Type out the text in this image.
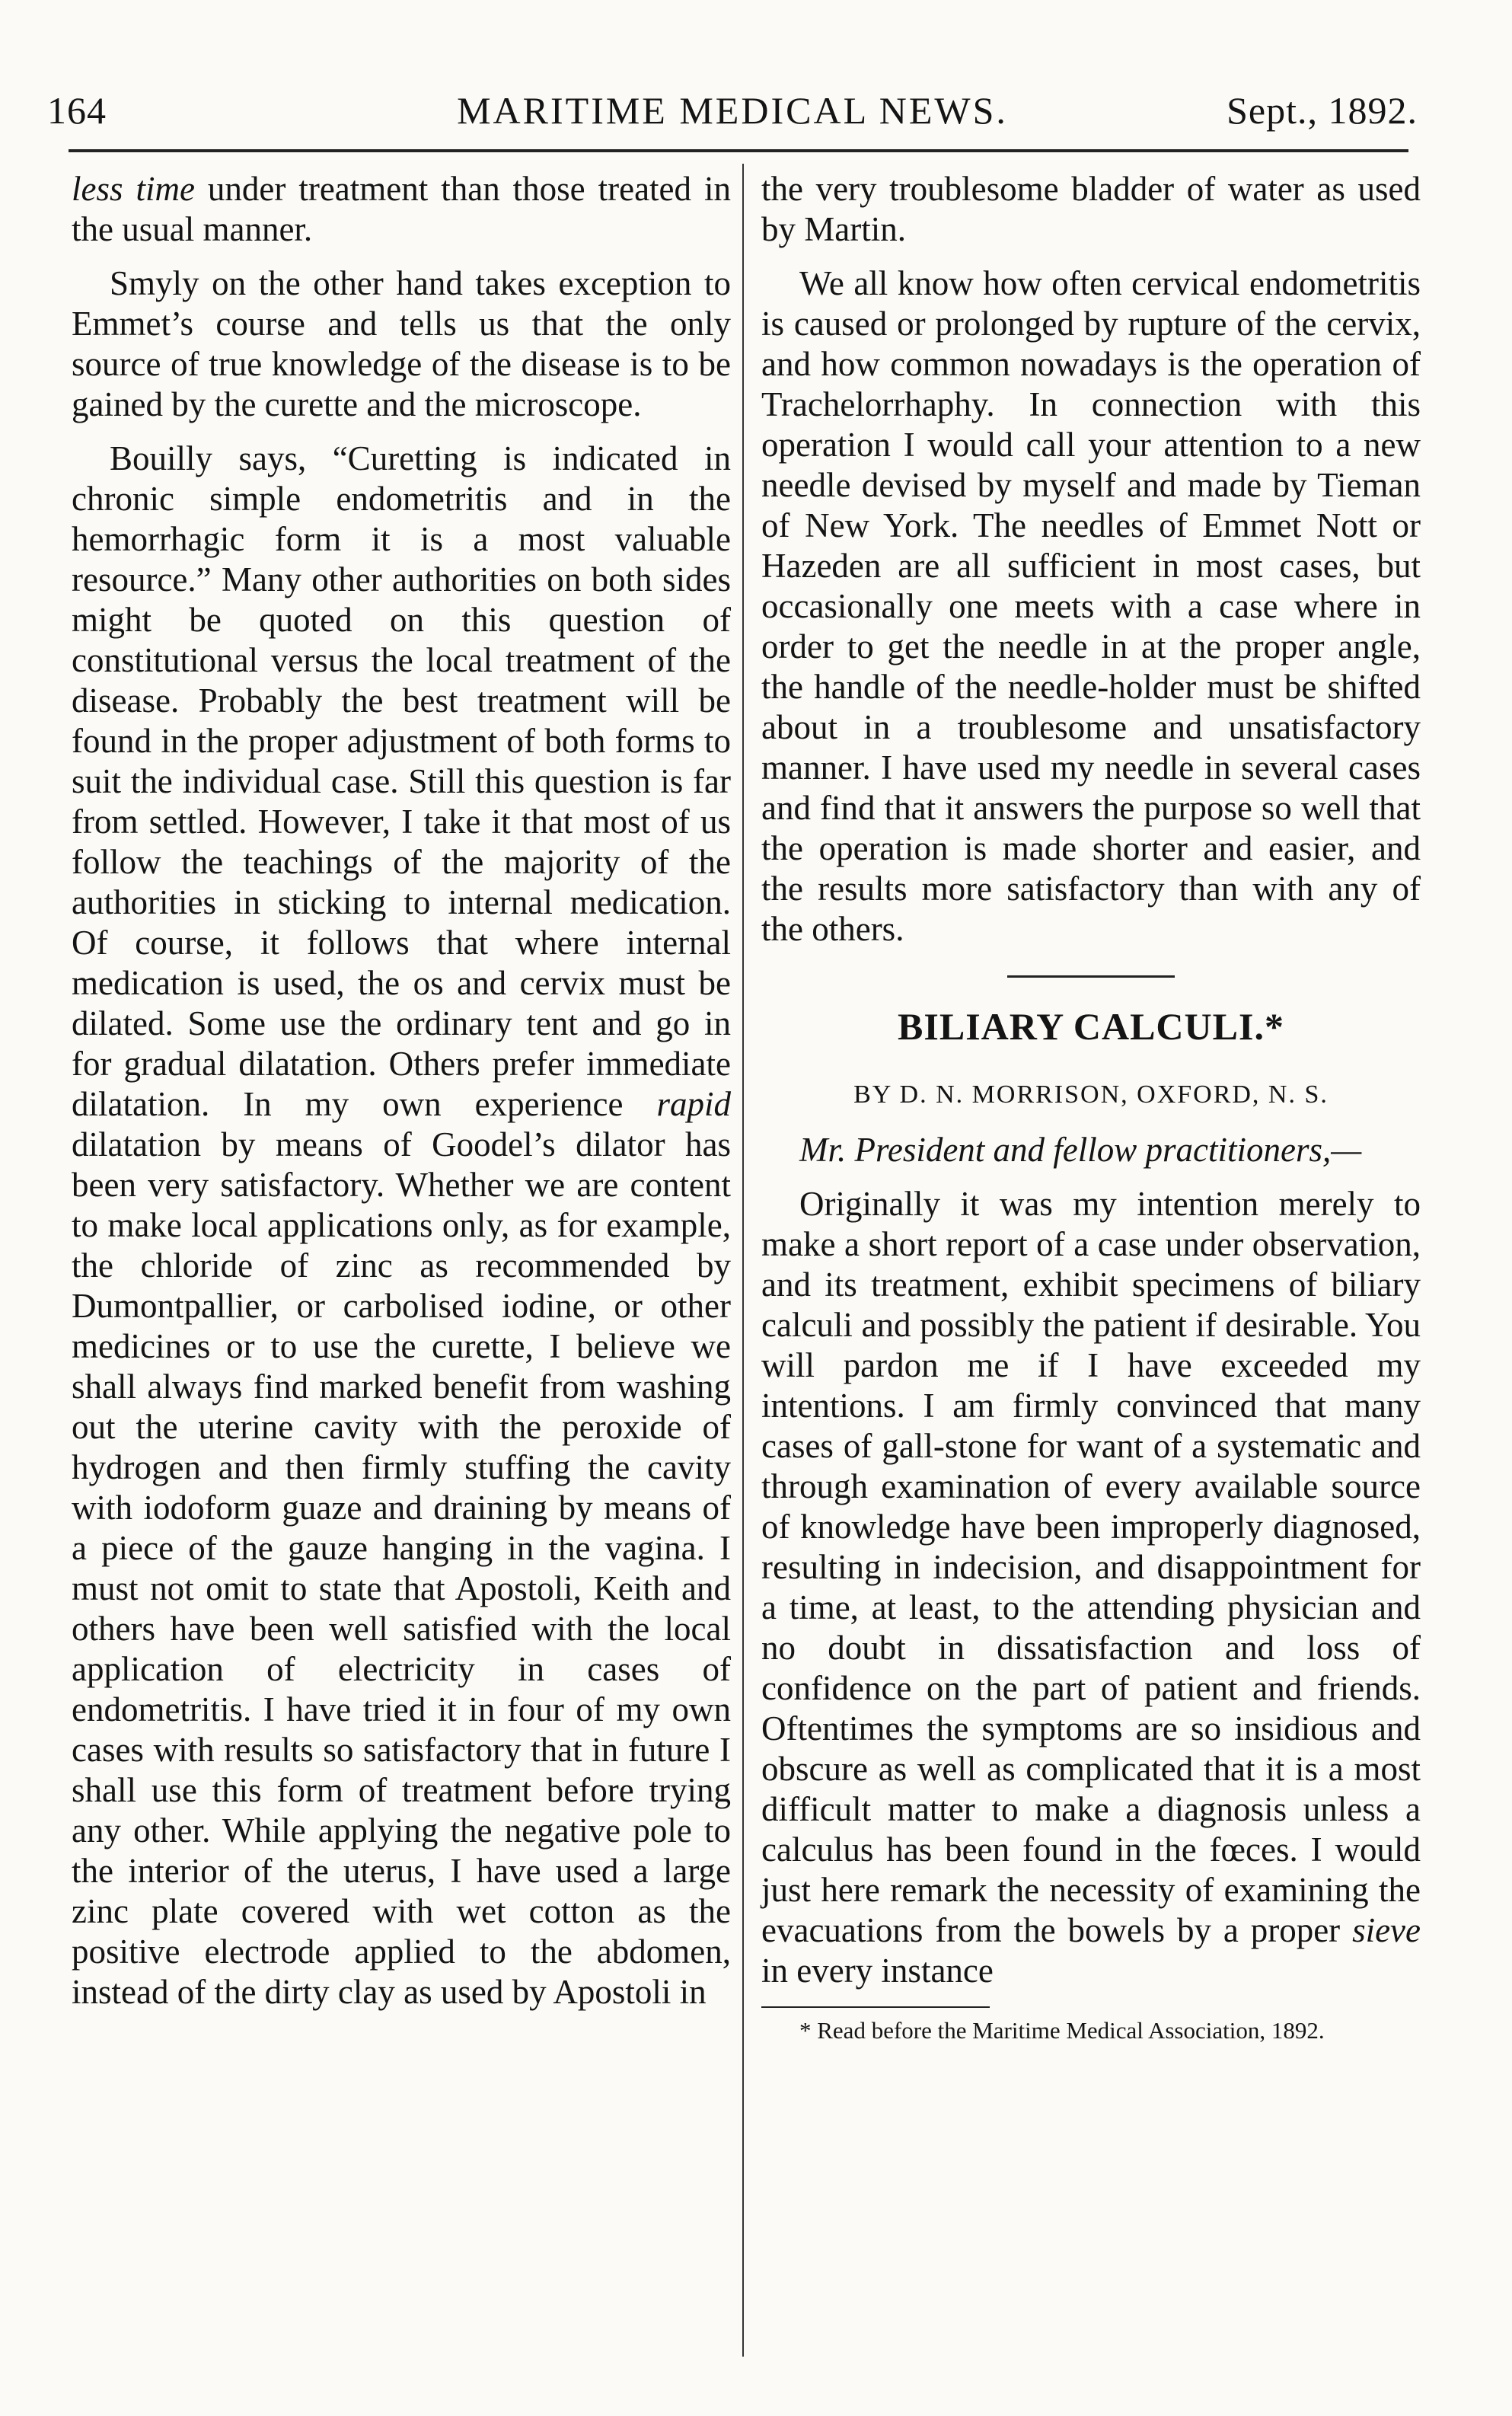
164	MARITIME MEDICAL NEWS.	Sept., 1892.

less time under treatment than those treated in the usual manner.

Smyly on the other hand takes exception to Emmet’s course and tells us that the only source of true knowledge of the disease is to be gained by the curette and the microscope.

Bouilly says, “Curetting is indicated in chronic simple endometritis and in the hemorrhagic form it is a most valuable resource.” Many other authorities on both sides might be quoted on this question of constitutional versus the local treatment of the disease. Probably the best treatment will be found in the proper adjustment of both forms to suit the individual case. Still this question is far from settled. However, I take it that most of us follow the teachings of the majority of the authorities in sticking to internal medication. Of course, it follows that where internal medication is used, the os and cervix must be dilated. Some use the ordinary tent and go in for gradual dilatation. Others prefer immediate dilatation. In my own experience rapid dilatation by means of Goodel’s dilator has been very satisfactory. Whether we are content to make local applications only, as for example, the chloride of zinc as recommended by Dumontpallier, or carbolised iodine, or other medicines or to use the curette, I believe we shall always find marked benefit from washing out the uterine cavity with the peroxide of hydrogen and then firmly stuffing the cavity with iodoform guaze and draining by means of a piece of the gauze hanging in the vagina. I must not omit to state that Apostoli, Keith and others have been well satisfied with the local application of electricity in cases of endometritis. I have tried it in four of my own cases with results so satisfactory that in future I shall use this form of treatment before trying any other. While applying the negative pole to the interior of the uterus, I have used a large zinc plate covered with wet cotton as the positive electrode applied to the abdomen, instead of the dirty clay as used by Apostoli in

the very troublesome bladder of water as used by Martin.

We all know how often cervical endometritis is caused or prolonged by rupture of the cervix, and how common nowadays is the operation of Trachelorrhaphy. In connection with this operation I would call your attention to a new needle devised by myself and made by Tieman of New York. The needles of Emmet Nott or Hazeden are all sufficient in most cases, but occasionally one meets with a case where in order to get the needle in at the proper angle, the handle of the needle-holder must be shifted about in a troublesome and unsatisfactory manner. I have used my needle in several cases and find that it answers the purpose so well that the operation is made shorter and easier, and the results more satisfactory than with any of the others.

BILIARY CALCULI.*
BY D. N. MORRISON, OXFORD, N. S.

Mr. President and fellow practitioners,—

Originally it was my intention merely to make a short report of a case under observation, and its treatment, exhibit specimens of biliary calculi and possibly the patient if desirable. You will pardon me if I have exceeded my intentions. I am firmly convinced that many cases of gall-stone for want of a systematic and through examination of every available source of knowledge have been improperly diagnosed, resulting in indecision, and disappointment for a time, at least, to the attending physician and no doubt in dissatisfaction and loss of confidence on the part of patient and friends. Oftentimes the symptoms are so insidious and obscure as well as complicated that it is a most difficult matter to make a diagnosis unless a calculus has been found in the fœces. I would just here remark the necessity of examining the evacuations from the bowels by a proper sieve in every instance

* Read before the Maritime Medical Association, 1892.
